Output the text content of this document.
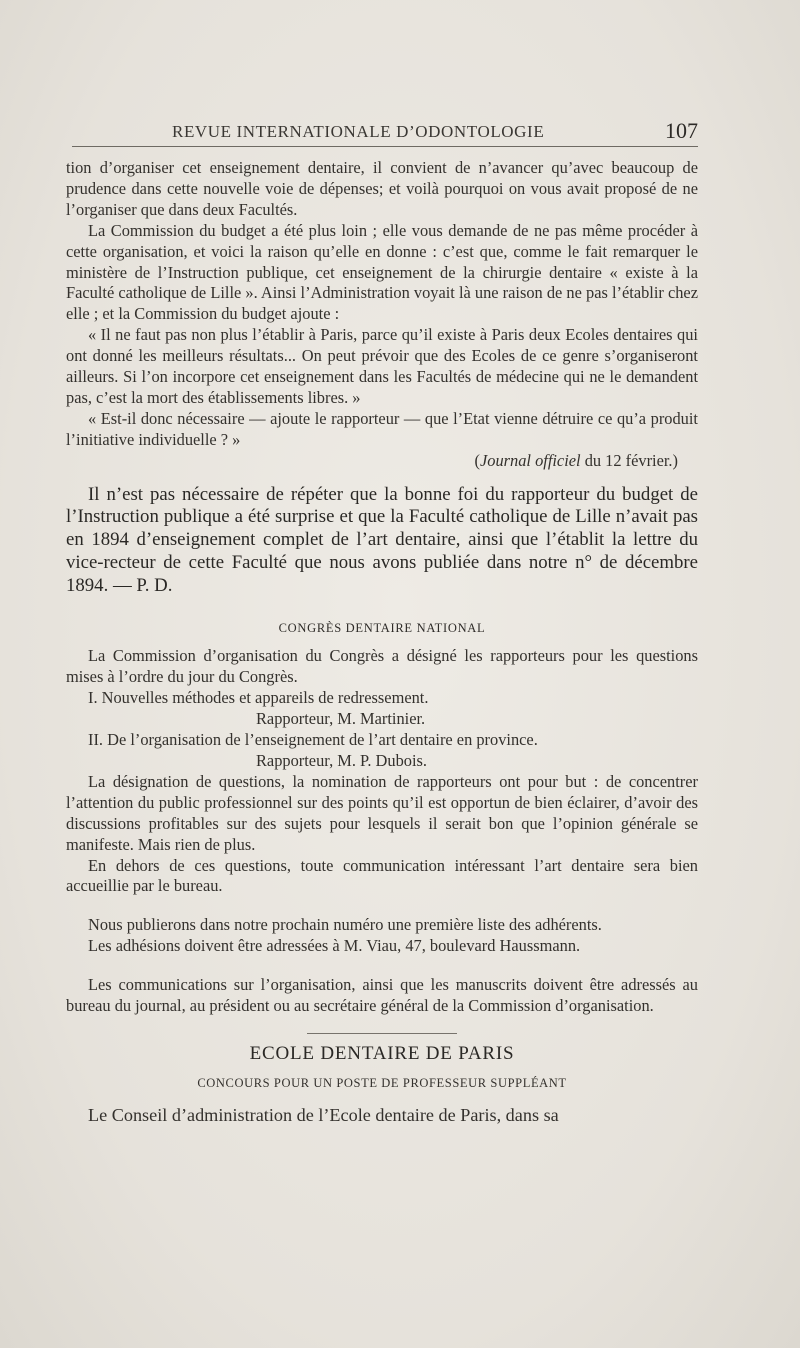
REVUE INTERNATIONALE D’ODONTOLOGIE	107

tion d’organiser cet enseignement dentaire, il convient de n’avancer qu’avec beaucoup de prudence dans cette nouvelle voie de dépenses; et voilà pourquoi on vous avait proposé de ne l’organiser que dans deux Facultés.

La Commission du budget a été plus loin ; elle vous demande de ne pas même procéder à cette organisation, et voici la raison qu’elle en donne : c’est que, comme le fait remarquer le ministère de l’Instruction publique, cet enseignement de la chirurgie dentaire « existe à la Faculté catholique de Lille ». Ainsi l’Administration voyait là une raison de ne pas l’établir chez elle ; et la Commission du budget ajoute :

« Il ne faut pas non plus l’établir à Paris, parce qu’il existe à Paris deux Ecoles dentaires qui ont donné les meilleurs résultats... On peut prévoir que des Ecoles de ce genre s’organiseront ailleurs. Si l’on incorpore cet enseignement dans les Facultés de médecine qui ne le demandent pas, c’est la mort des établissements libres. »

« Est-il donc nécessaire — ajoute le rapporteur — que l’Etat vienne détruire ce qu’a produit l’initiative individuelle ? »

(Journal officiel du 12 février.)

Il n’est pas nécessaire de répéter que la bonne foi du rapporteur du budget de l’Instruction publique a été surprise et que la Faculté catholique de Lille n’avait pas en 1894 d’enseignement complet de l’art dentaire, ainsi que l’établit la lettre du vice-recteur de cette Faculté que nous avons publiée dans notre n° de décembre 1894. — P. D.

CONGRÈS DENTAIRE NATIONAL

La Commission d’organisation du Congrès a désigné les rapporteurs pour les questions mises à l’ordre du jour du Congrès.

I. Nouvelles méthodes et appareils de redressement.

Rapporteur, M. Martinier.

II. De l’organisation de l’enseignement de l’art dentaire en province.

Rapporteur, M. P. Dubois.

La désignation de questions, la nomination de rapporteurs ont pour but : de concentrer l’attention du public professionnel sur des points qu’il est opportun de bien éclairer, d’avoir des discussions profitables sur des sujets pour lesquels il serait bon que l’opinion générale se manifeste. Mais rien de plus.

En dehors de ces questions, toute communication intéressant l’art dentaire sera bien accueillie par le bureau.

Nous publierons dans notre prochain numéro une première liste des adhérents.

Les adhésions doivent être adressées à M. Viau, 47, boulevard Haussmann.

Les communications sur l’organisation, ainsi que les manuscrits doivent être adressés au bureau du journal, au président ou au secrétaire général de la Commission d’organisation.

ECOLE DENTAIRE DE PARIS

CONCOURS POUR UN POSTE DE PROFESSEUR SUPPLÉANT

Le Conseil d’administration de l’Ecole dentaire de Paris, dans sa
